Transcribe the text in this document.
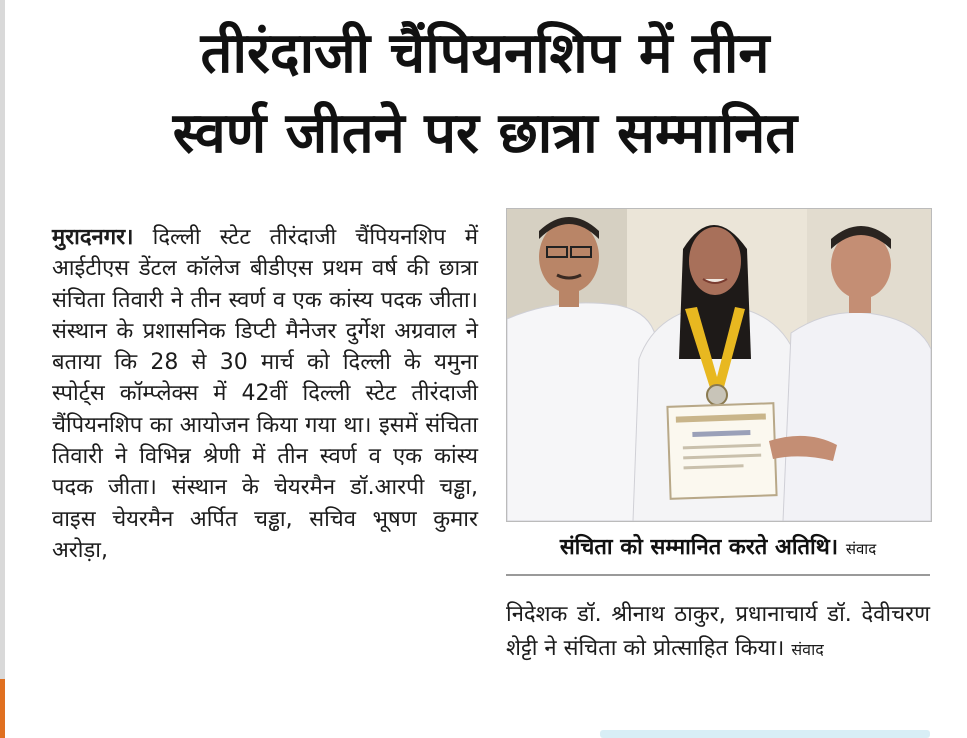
तीरंदाजी चैंपियनशिप में तीन
स्वर्ण जीतने पर छात्रा सम्मानित

मुरादनगर। दिल्ली स्टेट तीरंदाजी चैंपियनशिप में आईटीएस डेंटल कॉलेज बीडीएस प्रथम वर्ष की छात्रा संचिता तिवारी ने तीन स्वर्ण व एक कांस्य पदक जीता। संस्थान के प्रशासनिक डिप्टी मैनेजर दुर्गेश अग्रवाल ने बताया कि 28 से 30 मार्च को दिल्ली के यमुना स्पोर्ट्स कॉम्प्लेक्स में 42वीं दिल्ली स्टेट तीरंदाजी चैंपियनशिप का आयोजन किया गया था। इसमें संचिता तिवारी ने विभिन्न श्रेणी में तीन स्वर्ण व एक कांस्य पदक जीता। संस्थान के चेयरमैन डॉ.आरपी चड्ढा, वाइस चेयरमैन अर्पित चड्ढा, सचिव भूषण कुमार अरोड़ा,	संचिता को सम्मानित करते अतिथि। संवाद

निदेशक डॉ. श्रीनाथ ठाकुर, प्रधानाचार्य डॉ. देवीचरण शेट्टी ने संचिता को प्रोत्साहित किया। संवाद
